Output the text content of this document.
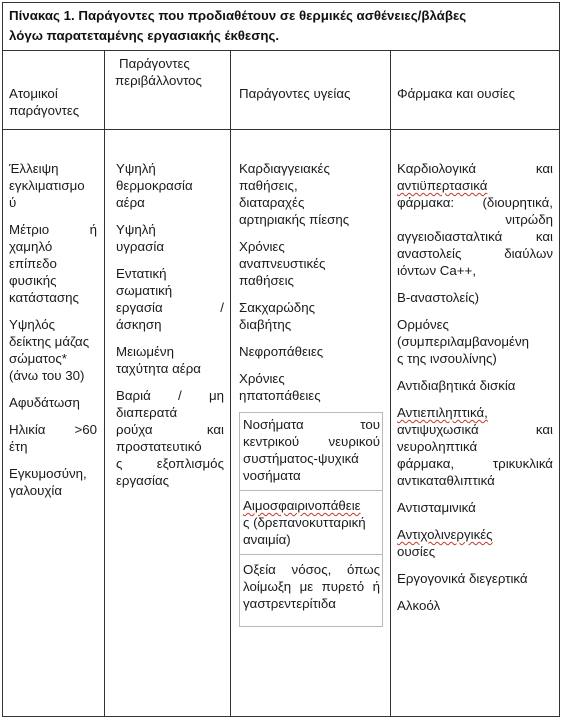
Πίνακας 1. Παράγοντες που προδιαθέτουν σε θερμικές ασθένειες/βλάβες
λόγω παρατεταμένης εργασιακής έκθεσης.
Ατομικοί
παράγοντες
Παράγοντες
περιβάλλοντος
Παράγοντες υγείας	Φάρμακα και ουσίες

Έλλειψη
εγκλιματισμο
ύ

Μέτριο ή
χαμηλό
επίπεδο
φυσικής
κατάστασης

Υψηλός
δείκτης μάζας
σώματος*
(άνω του 30)

Αφυδάτωση

Ηλικία >60
έτη

Εγκυμοσύνη,
γαλουχία

Υψηλή
θερμοκρασία
αέρα

Υψηλή
υγρασία

Εντατική
σωματική
εργασία /
άσκηση

Μειωμένη
ταχύτητα αέρα

Βαριά / μη
διαπερατά
ρούχα και
προστατευτικό
ς εξοπλισμός
εργασίας

Καρδιαγγειακές
παθήσεις,
διαταραχές
αρτηριακής πίεσης

Χρόνιες
αναπνευστικές
παθήσεις

Σακχαρώδης
διαβήτης

Νεφροπάθειες

Χρόνιες
ηπατοπάθειες

Νοσήματα του
κεντρικού νευρικού
συστήματος-ψυχικά
νοσήματα

Αιμοσφαιρινοπάθειε
ς (δρεπανοκυτταρική
αναιμία)

Οξεία νόσος, όπως
λοίμωξη με πυρετό ή
γαστρεντερίτιδα

Καρδιολογικά και
αντιϋπερτασικά
φάρμακα: (διουρητικά,
νιτρώδη
αγγειοδιασταλτικά και
αναστολείς διαύλων
ιόντων Ca++,

Β-αναστολείς)

Ορμόνες
(συμπεριλαμβανομένη
ς της ινσουλίνης)

Αντιδιαβητικά δισκία

Αντιεπιληπτικά,
αντιψυχωσικά και
νευροληπτικά
φάρμακα, τρικυκλικά
αντικαταθλιπτικά

Αντισταμινικά

Αντιχολινεργικές
ουσίες

Εργογονικά διεγερτικά

Αλκοόλ
